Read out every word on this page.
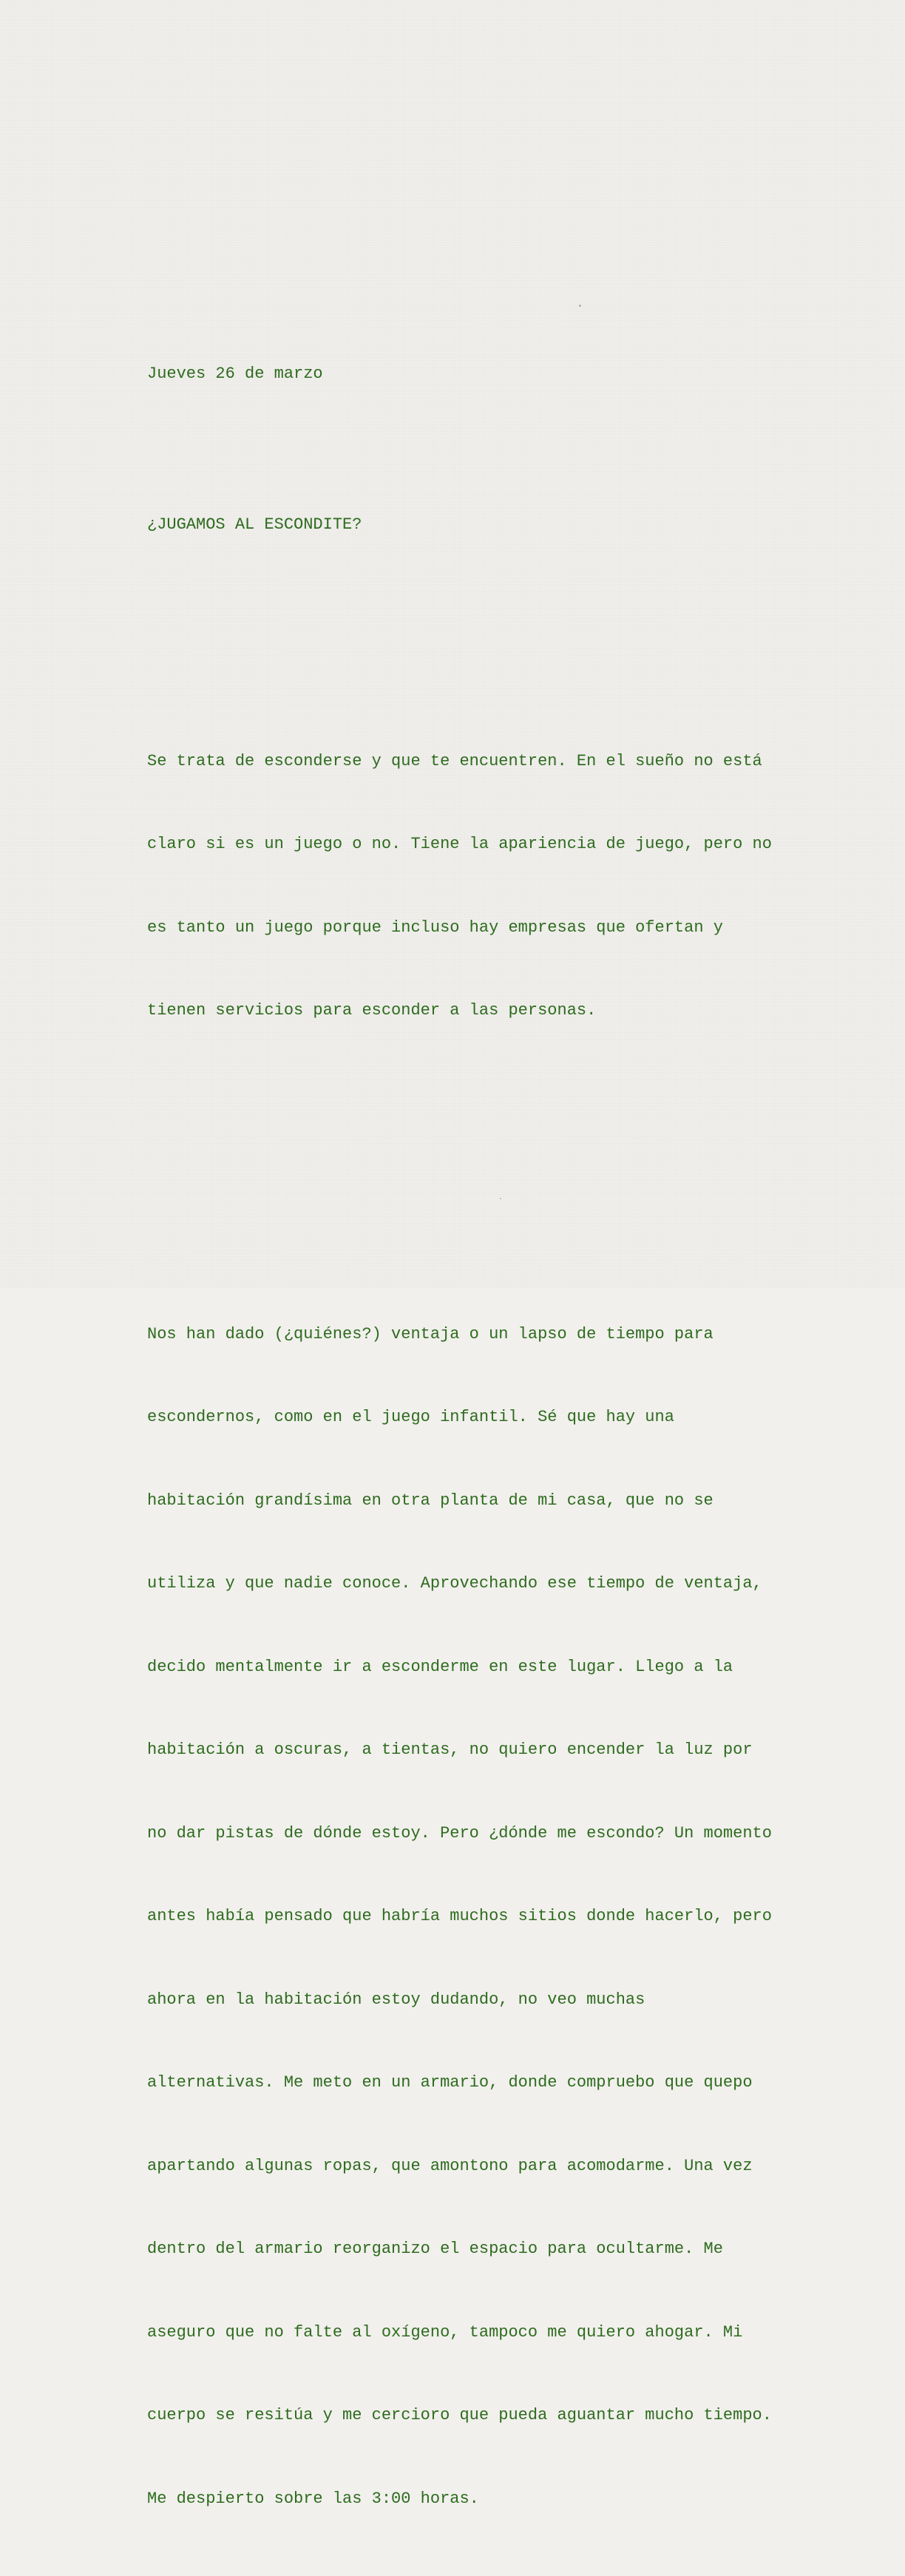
Jueves 26 de marzo

¿JUGAMOS AL ESCONDITE?

Se trata de esconderse y que te encuentren. En el sueño no está

claro si es un juego o no. Tiene la apariencia de juego, pero no

es tanto un juego porque incluso hay empresas que ofertan y

tienen servicios para esconder a las personas.

Nos han dado (¿quiénes?) ventaja o un lapso de tiempo para

escondernos, como en el juego infantil. Sé que hay una

habitación grandísima en otra planta de mi casa, que no se

utiliza y que nadie conoce. Aprovechando ese tiempo de ventaja,

decido mentalmente ir a esconderme en este lugar. Llego a la

habitación a oscuras, a tientas, no quiero encender la luz por

no dar pistas de dónde estoy. Pero ¿dónde me escondo? Un momento

antes había pensado que habría muchos sitios donde hacerlo, pero

ahora en la habitación estoy dudando, no veo muchas

alternativas. Me meto en un armario, donde compruebo que quepo

apartando algunas ropas, que amontono para acomodarme. Una vez

dentro del armario reorganizo el espacio para ocultarme. Me

aseguro que no falte al oxígeno, tampoco me quiero ahogar. Mi

cuerpo se resitúa y me cercioro que pueda aguantar mucho tiempo.

Me despierto sobre las 3:00 horas.
